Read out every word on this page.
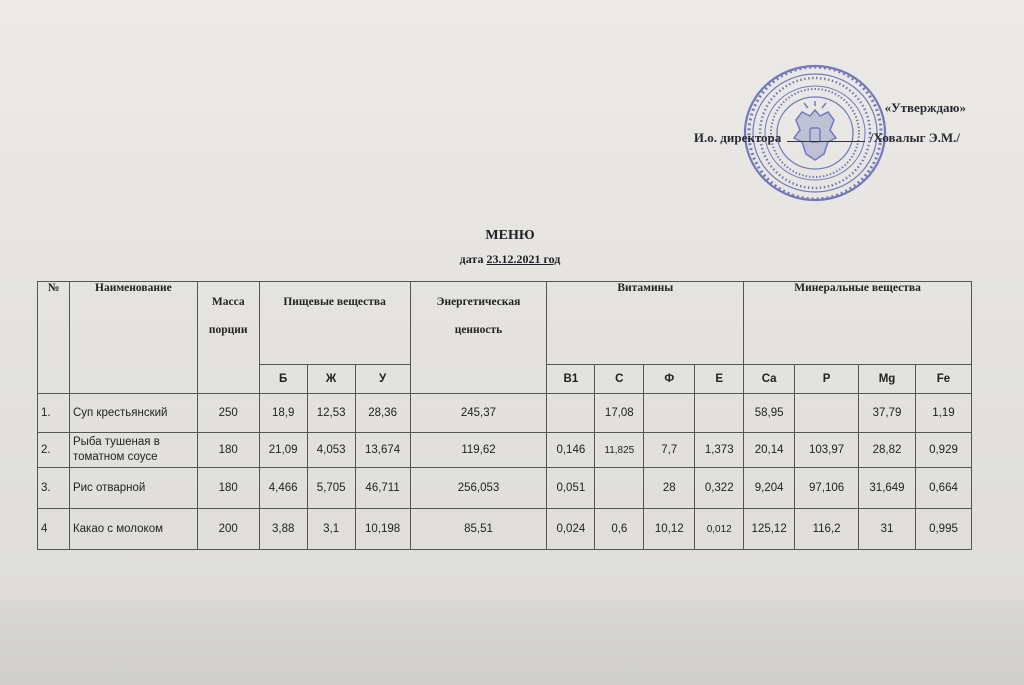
«Утверждаю»
И.о. директора	/Ховалыг Э.М./
МЕНЮ
дата 23.12.2021 год
№	Наименование	Масса порции	Пищевые вещества			Энергетическая ценность	Витамины				Минеральные вещества			
			Б	Ж	У		B1	C	Ф	E	Ca	P	Mg	Fe
1.	Суп крестьянский	250	18,9	12,53	28,36	245,37		17,08			58,95		37,79	1,19
2.	Рыба тушеная в томатном соусе	180	21,09	4,053	13,674	119,62	0,146	11,825	7,7	1,373	20,14	103,97	28,82	0,929
3.	Рис отварной	180	4,466	5,705	46,711	256,053	0,051		28	0,322	9,204	97,106	31,649	0,664
4	Какао с молоком	200	3,88	3,1	10,198	85,51	0,024	0,6	10,12	0,012	125,12	116,2	31	0,995
